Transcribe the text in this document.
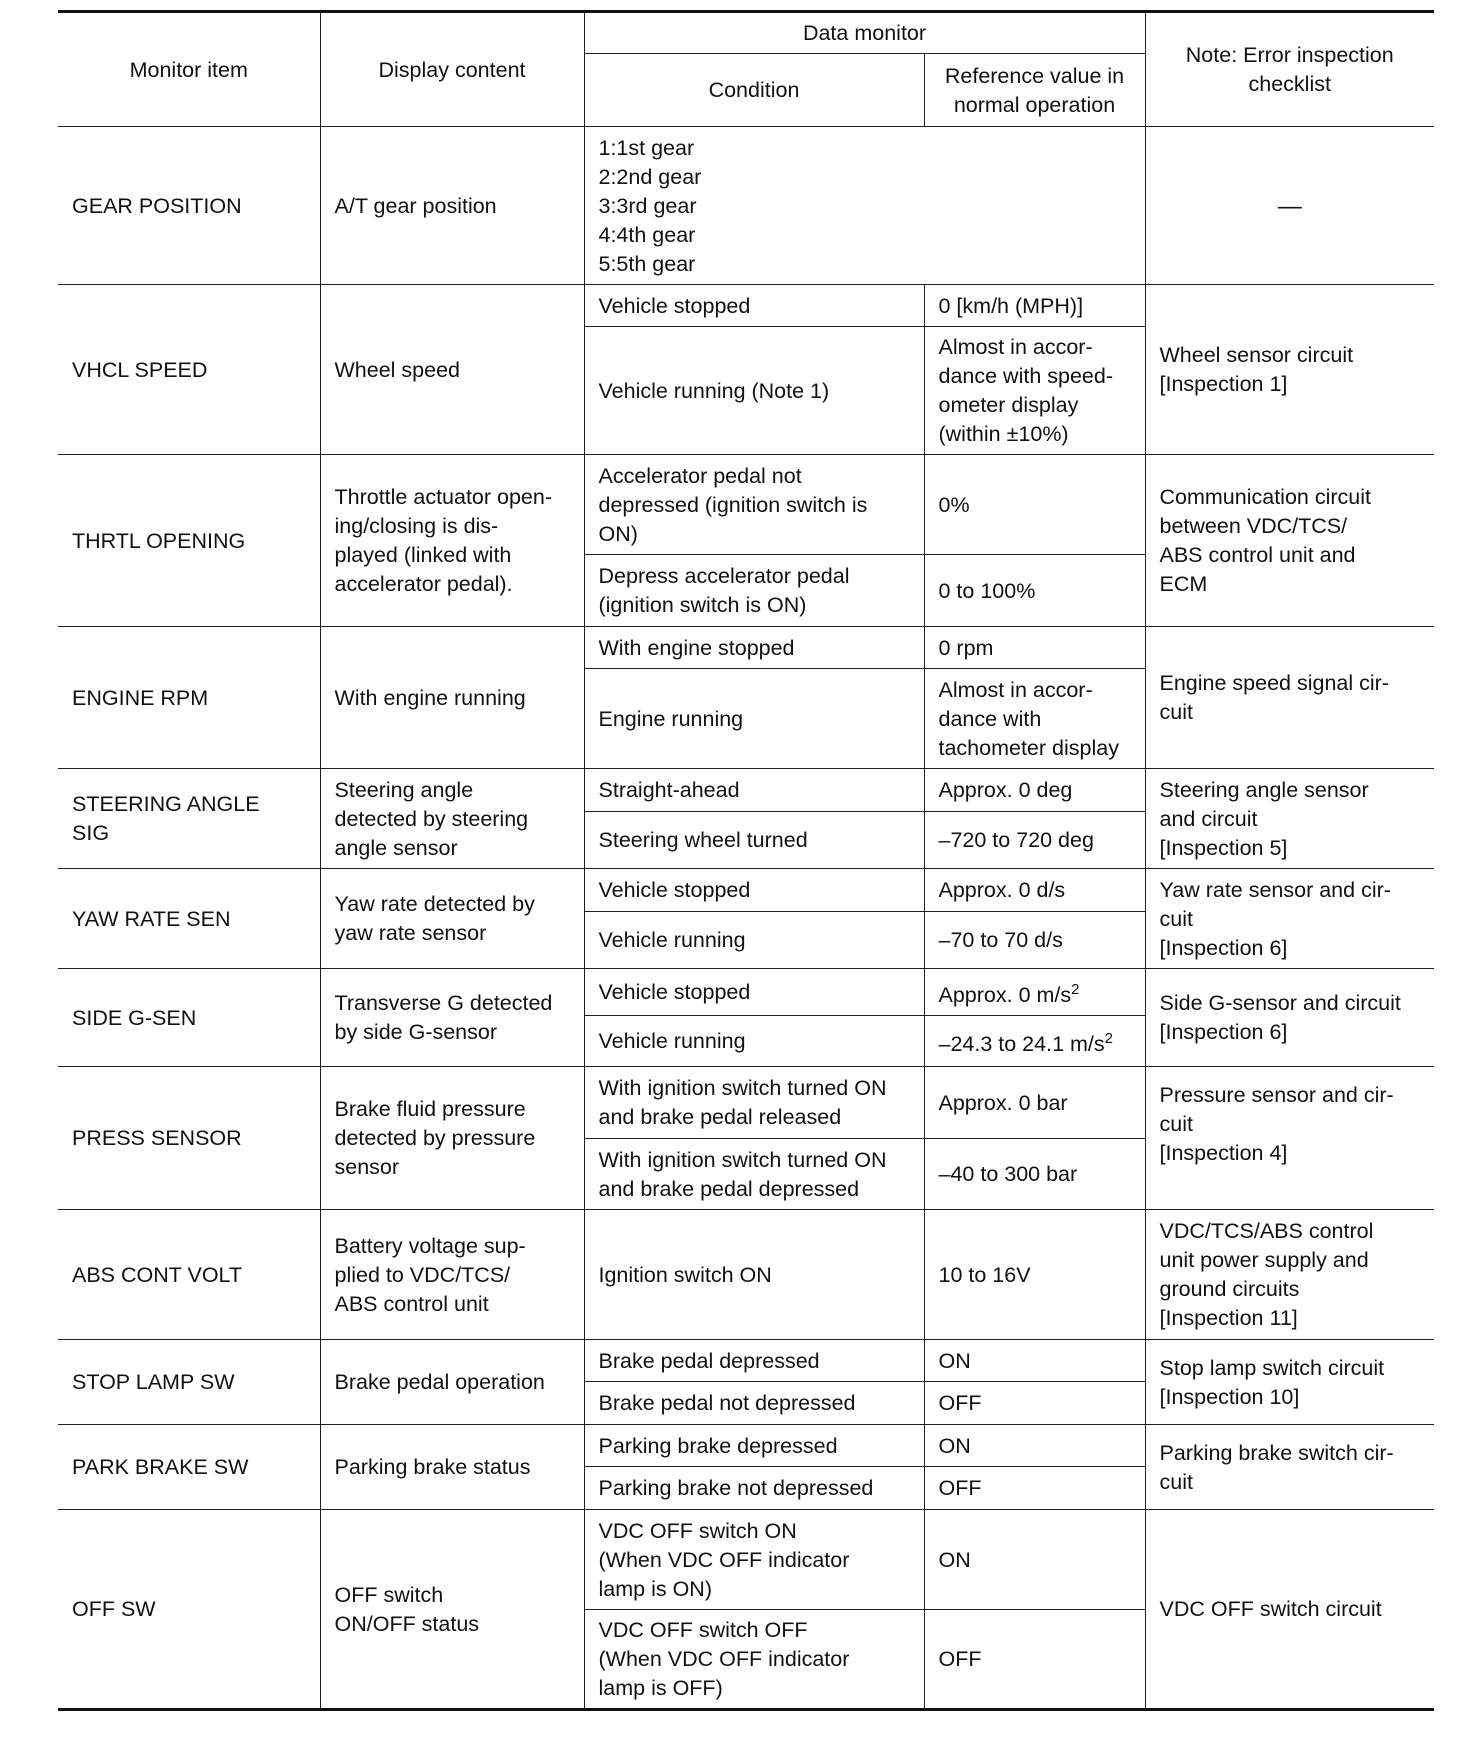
Monitor item	Display content	Data monitor		Note: Error inspection
checklist
		Condition	Reference value in
normal operation	
GEAR POSITION	A/T gear position	1:1st gear
2:2nd gear
3:3rd gear
4:4th gear
5:5th gear		—
VHCL SPEED	Wheel speed	Vehicle stopped	0 [km/h (MPH)]	Wheel sensor circuit
[Inspection 1]
		Vehicle running (Note 1)	Almost in accor-
dance with speed-
ometer display
(within ±10%)	
THRTL OPENING	Throttle actuator open-
ing/closing is dis-
played (linked with
accelerator pedal).	Accelerator pedal not
depressed (ignition switch is
ON)	0%	Communication circuit
between VDC/TCS/
ABS control unit and
ECM
		Depress accelerator pedal
(ignition switch is ON)	0 to 100%	
ENGINE RPM	With engine running	With engine stopped	0 rpm	Engine speed signal cir-
cuit
		Engine running	Almost in accor-
dance with
tachometer display	
STEERING ANGLE
SIG	Steering angle
detected by steering
angle sensor	Straight-ahead	Approx. 0 deg	Steering angle sensor
and circuit
[Inspection 5]
		Steering wheel turned	–720 to 720 deg	
YAW RATE SEN	Yaw rate detected by
yaw rate sensor	Vehicle stopped	Approx. 0 d/s	Yaw rate sensor and cir-
cuit
[Inspection 6]
		Vehicle running	–70 to 70 d/s	
SIDE G-SEN	Transverse G detected
by side G-sensor	Vehicle stopped	Approx. 0 $m/s^2$	Side G-sensor and circuit
[Inspection 6]
		Vehicle running	–24.3 to 24.1 $m/s^2$
PRESS SENSOR	Brake fluid pressure
detected by pressure
sensor	With ignition switch turned ON
and brake pedal released	Approx. 0 bar	Pressure sensor and cir-
cuit
[Inspection 4]
		With ignition switch turned ON
and brake pedal depressed	–40 to 300 bar	
ABS CONT VOLT	Battery voltage sup-
plied to VDC/TCS/
ABS control unit	Ignition switch ON	10 to 16V	VDC/TCS/ABS control
unit power supply and
ground circuits
[Inspection 11]
STOP LAMP SW	Brake pedal operation	Brake pedal depressed	ON	Stop lamp switch circuit
[Inspection 10]
		Brake pedal not depressed	OFF	
PARK BRAKE SW	Parking brake status	Parking brake depressed	ON	Parking brake switch cir-
cuit
		Parking brake not depressed	OFF	
OFF SW	OFF switch
ON/OFF status	VDC OFF switch ON
(When VDC OFF indicator
lamp is ON)	ON	VDC OFF switch circuit
		VDC OFF switch OFF
(When VDC OFF indicator
lamp is OFF)	OFF	
